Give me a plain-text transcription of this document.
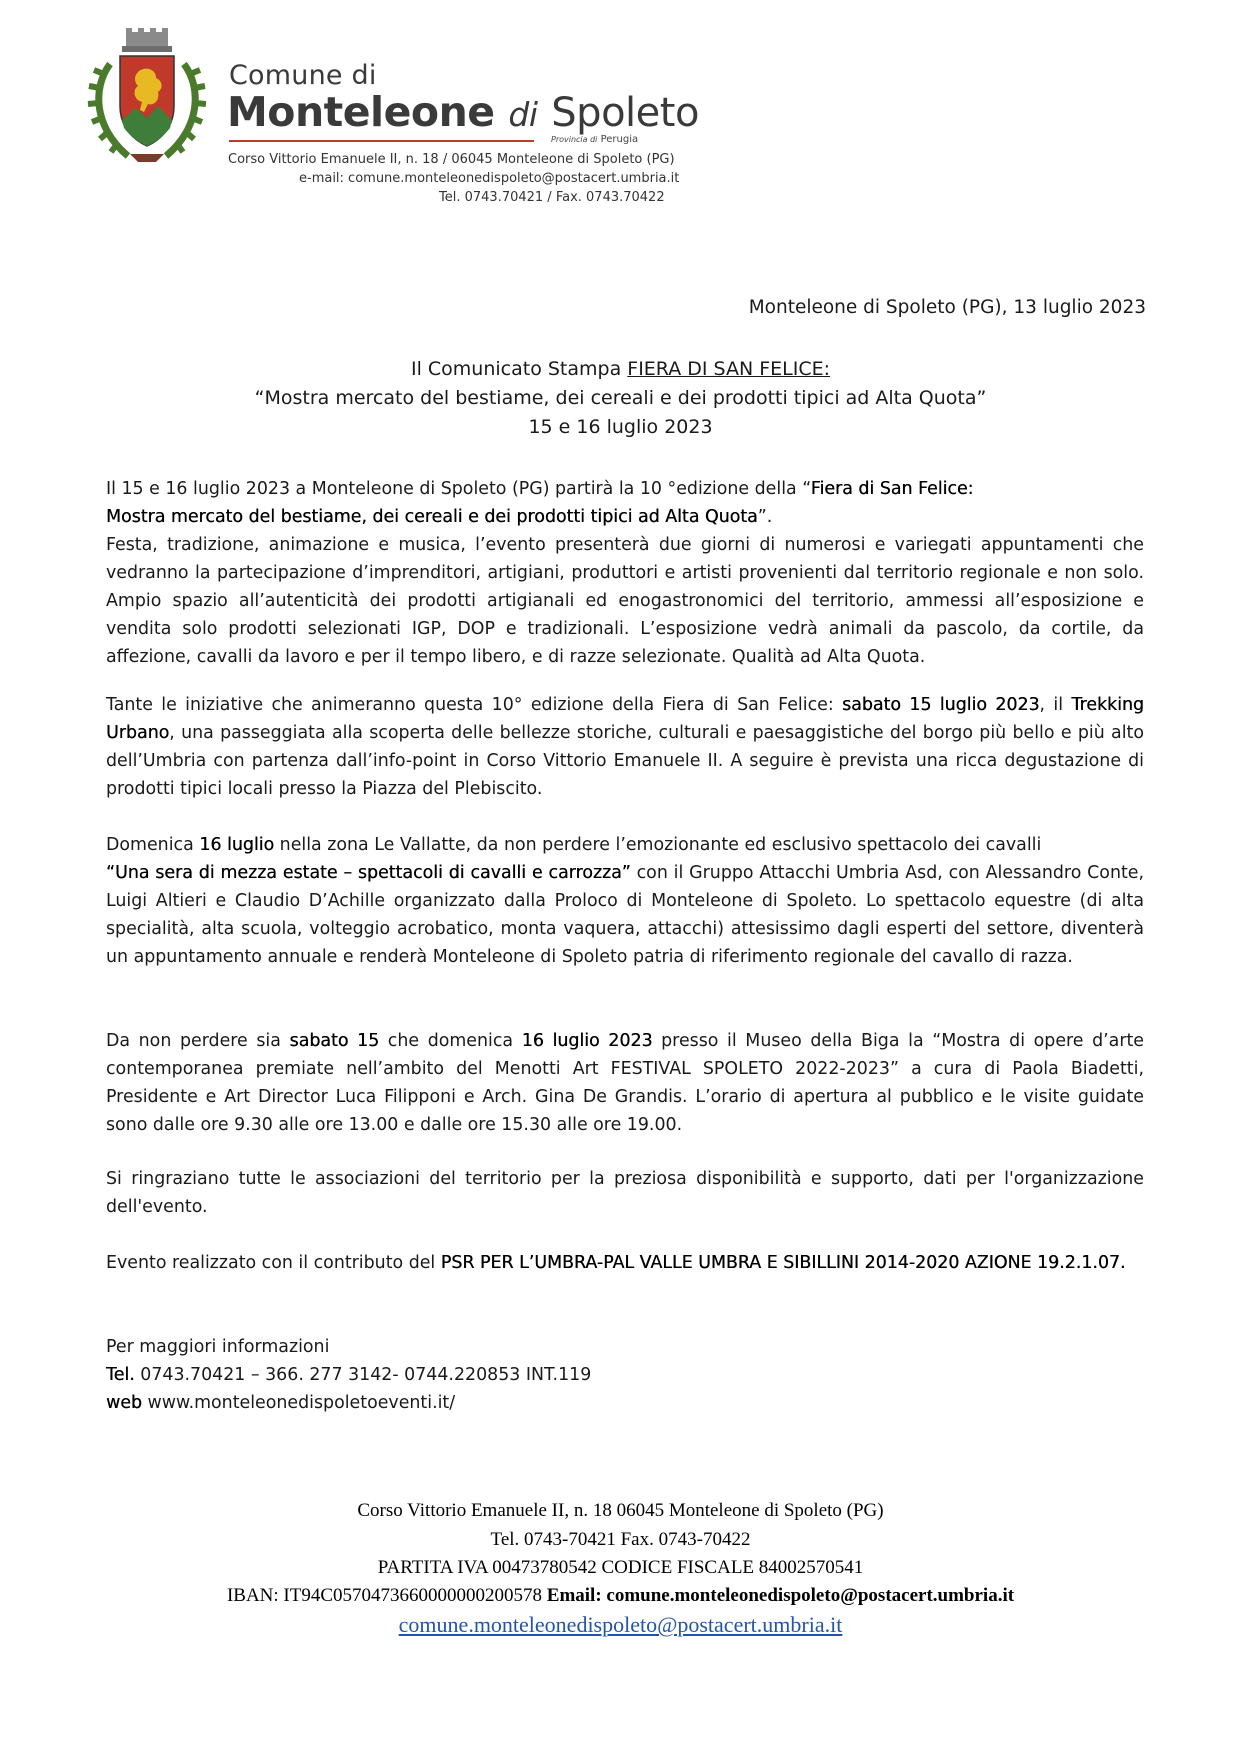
Comune di
Monteleone di Spoleto
Provincia di Perugia
Corso Vittorio Emanuele II, n. 18 / 06045 Monteleone di Spoleto (PG)
e-mail: comune.monteleonedispoleto@postacert.umbria.it
Tel. 0743.70421 / Fax. 0743.70422
Monteleone di Spoleto (PG), 13 luglio 2023
Il Comunicato Stampa FIERA DI SAN FELICE:
“Mostra mercato del bestiame, dei cereali e dei prodotti tipici ad Alta Quota”
15 e 16 luglio 2023
Il 15 e 16 luglio 2023 a Monteleone di Spoleto (PG) partirà la 10 °edizione della “Fiera di San Felice:
Mostra mercato del bestiame, dei cereali e dei prodotti tipici ad Alta Quota”.
Festa, tradizione, animazione e musica, l’evento presenterà due giorni di numerosi e variegati appuntamenti che vedranno la partecipazione d’imprenditori, artigiani, produttori e artisti provenienti dal territorio regionale e non solo. Ampio spazio all’autenticità dei prodotti artigianali ed enogastronomici del territorio, ammessi all’esposizione e vendita solo prodotti selezionati IGP, DOP e tradizionali. L’esposizione vedrà animali da pascolo, da cortile, da affezione, cavalli da lavoro e per il tempo libero, e di razze selezionate. Qualità ad Alta Quota.
Tante le iniziative che animeranno questa 10° edizione della Fiera di San Felice: sabato 15 luglio 2023, il Trekking Urbano, una passeggiata alla scoperta delle bellezze storiche, culturali e paesaggistiche del borgo più bello e più alto dell’Umbria con partenza dall’info-point in Corso Vittorio Emanuele II. A seguire è prevista una ricca degustazione di prodotti tipici locali presso la Piazza del Plebiscito.
Domenica 16 luglio nella zona Le Vallatte, da non perdere l’emozionante ed esclusivo spettacolo dei cavalli
“Una sera di mezza estate – spettacoli di cavalli e carrozza” con il Gruppo Attacchi Umbria Asd, con Alessandro Conte, Luigi Altieri e Claudio D’Achille organizzato dalla Proloco di Monteleone di Spoleto. Lo spettacolo equestre (di alta specialità, alta scuola, volteggio acrobatico, monta vaquera, attacchi) attesissimo dagli esperti del settore, diventerà un appuntamento annuale e renderà Monteleone di Spoleto patria di riferimento regionale del cavallo di razza.
Da non perdere sia sabato 15 che domenica 16 luglio 2023 presso il Museo della Biga la “Mostra di opere d’arte contemporanea premiate nell’ambito del Menotti Art FESTIVAL SPOLETO 2022-2023” a cura di Paola Biadetti, Presidente e Art Director Luca Filipponi e Arch. Gina De Grandis. L’orario di apertura al pubblico e le visite guidate sono dalle ore 9.30 alle ore 13.00 e dalle ore 15.30 alle ore 19.00.
Si ringraziano tutte le associazioni del territorio per la preziosa disponibilità e supporto, dati per l'organizzazione dell'evento.
Evento realizzato con il contributo del PSR PER L’UMBRA-PAL VALLE UMBRA E SIBILLINI 2014-2020 AZIONE 19.2.1.07.
Per maggiori informazioni
Tel. 0743.70421 – 366. 277 3142- 0744.220853 INT.119
web www.monteleonedispoletoeventi.it/
Corso Vittorio Emanuele II, n. 18 06045 Monteleone di Spoleto (PG)
Tel. 0743-70421 Fax. 0743-70422
PARTITA IVA 00473780542 CODICE FISCALE 84002570541
IBAN: IT94C0570473660000000200578 Email: comune.monteleonedispoleto@postacert.umbria.it
comune.monteleonedispoleto@postacert.umbria.it
